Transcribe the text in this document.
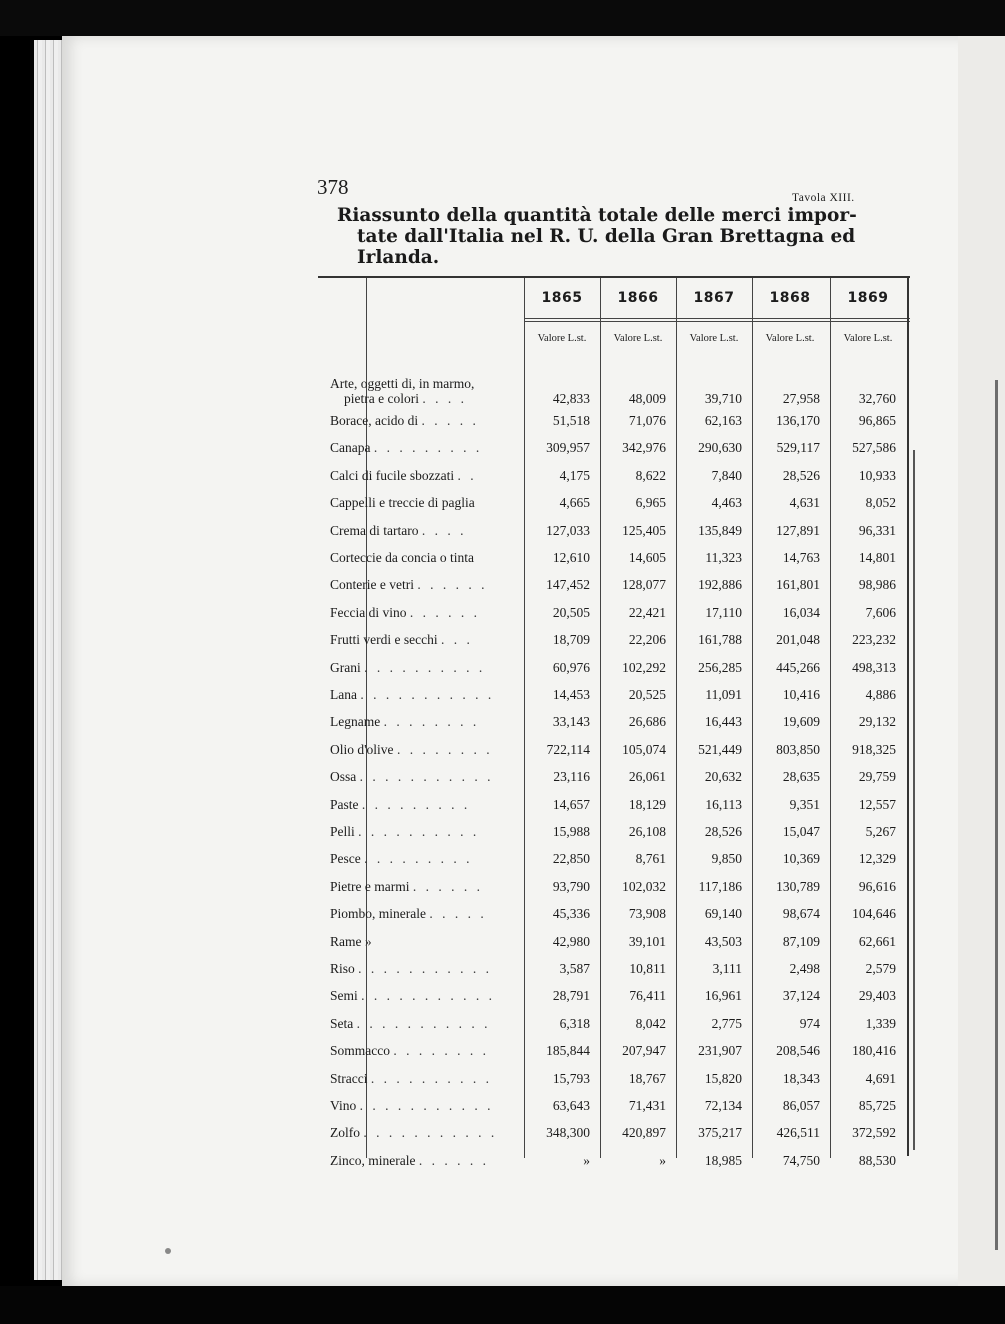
378	Tavola XIII.
Riassunto della quantità totale delle merci impor-
tate dall'Italia nel R. U. della Gran Brettagna ed
Irlanda.
1865	1866	1867	1868	1869
Valore L.st.	Valore L.st.	Valore L.st.	Valore L.st.	Valore L.st.
Arte, oggetti di, in marmo,
pietra e colori . . . .	42,833	48,009	39,710	27,958	32,760
Borace, acido di . . . . .	51,518	71,076	62,163	136,170	96,865
Canapa . . . . . . . . .	309,957	342,976	290,630	529,117	527,586
Calci di fucile sbozzati . .	4,175	8,622	7,840	28,526	10,933
Cappelli e treccie di paglia	4,665	6,965	4,463	4,631	8,052
Crema di tartaro . . . .	127,033	125,405	135,849	127,891	96,331
Corteccie da concia o tinta	12,610	14,605	11,323	14,763	14,801
Conterie e vetri . . . . . .	147,452	128,077	192,886	161,801	98,986
Feccia di vino . . . . . .	20,505	22,421	17,110	16,034	7,606
Frutti verdi e secchi . . .	18,709	22,206	161,788	201,048	223,232
Grani . . . . . . . . . .	60,976	102,292	256,285	445,266	498,313
Lana . . . . . . . . . . .	14,453	20,525	11,091	10,416	4,886
Legname . . . . . . . .	33,143	26,686	16,443	19,609	29,132
Olio d'olive . . . . . . . .	722,114	105,074	521,449	803,850	918,325
Ossa . . . . . . . . . . .	23,116	26,061	20,632	28,635	29,759
Paste . . . . . . . . .	14,657	18,129	16,113	9,351	12,557
Pelli . . . . . . . . . .	15,988	26,108	28,526	15,047	5,267
Pesce . . . . . . . . .	22,850	8,761	9,850	10,369	12,329
Pietre e marmi . . . . . .	93,790	102,032	117,186	130,789	96,616
Piombo, minerale . . . . .	45,336	73,908	69,140	98,674	104,646
Rame »	42,980	39,101	43,503	87,109	62,661
Riso . . . . . . . . . . .	3,587	10,811	3,111	2,498	2,579
Semi . . . . . . . . . . .	28,791	76,411	16,961	37,124	29,403
Seta . . . . . . . . . . .	6,318	8,042	2,775	974	1,339
Sommacco . . . . . . . .	185,844	207,947	231,907	208,546	180,416
Stracci . . . . . . . . . .	15,793	18,767	15,820	18,343	4,691
Vino . . . . . . . . . . .	63,643	71,431	72,134	86,057	85,725
Zolfo . . . . . . . . . . .	348,300	420,897	375,217	426,511	372,592
Zinco, minerale . . . . . .	»	»	18,985	74,750	88,530
